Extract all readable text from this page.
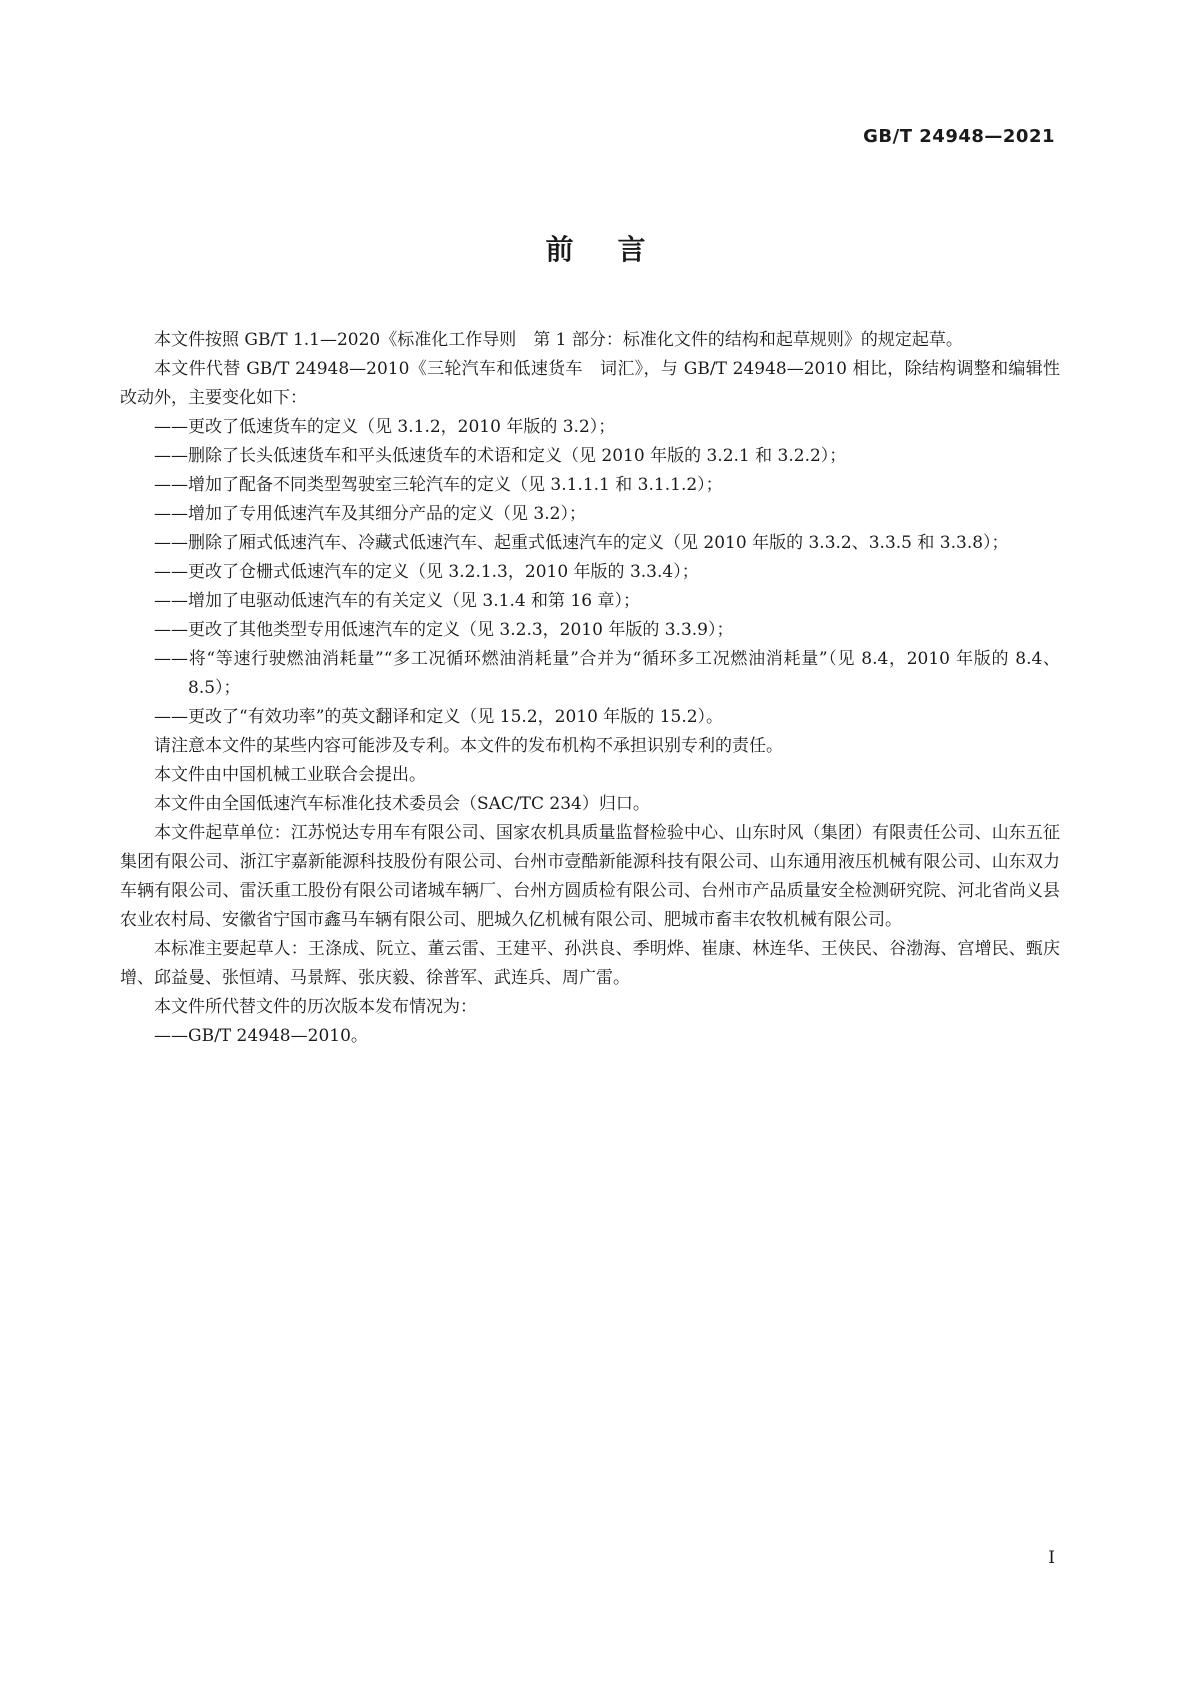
GB/T 24948—2021
前言

本文件按照 GB/T 1.1—2020《标准化工作导则　第 1 部分：标准化文件的结构和起草规则》的规定起草。

本文件代替 GB/T 24948—2010《三轮汽车和低速货车　词汇》，与 GB/T 24948—2010 相比，除结构调整和编辑性改动外，主要变化如下：

——更改了低速货车的定义（见 3.1.2，2010 年版的 3.2）；

——删除了长头低速货车和平头低速货车的术语和定义（见 2010 年版的 3.2.1 和 3.2.2）；

——增加了配备不同类型驾驶室三轮汽车的定义（见 3.1.1.1 和 3.1.1.2）；

——增加了专用低速汽车及其细分产品的定义（见 3.2）；

——删除了厢式低速汽车、冷藏式低速汽车、起重式低速汽车的定义（见 2010 年版的 3.3.2、3.3.5 和 3.3.8）；

——更改了仓栅式低速汽车的定义（见 3.2.1.3，2010 年版的 3.3.4）；

——增加了电驱动低速汽车的有关定义（见 3.1.4 和第 16 章）；

——更改了其他类型专用低速汽车的定义（见 3.2.3，2010 年版的 3.3.9）；

——将“等速行驶燃油消耗量”“多工况循环燃油消耗量”合并为“循环多工况燃油消耗量”（见 8.4，2010 年版的 8.4、8.5）；

——更改了“有效功率”的英文翻译和定义（见 15.2，2010 年版的 15.2）。

请注意本文件的某些内容可能涉及专利。本文件的发布机构不承担识别专利的责任。

本文件由中国机械工业联合会提出。

本文件由全国低速汽车标准化技术委员会（SAC/TC 234）归口。

本文件起草单位：江苏悦达专用车有限公司、国家农机具质量监督检验中心、山东时风（集团）有限责任公司、山东五征集团有限公司、浙江宇嘉新能源科技股份有限公司、台州市壹酷新能源科技有限公司、山东通用液压机械有限公司、山东双力车辆有限公司、雷沃重工股份有限公司诸城车辆厂、台州方圆质检有限公司、台州市产品质量安全检测研究院、河北省尚义县农业农村局、安徽省宁国市鑫马车辆有限公司、肥城久亿机械有限公司、肥城市畜丰农牧机械有限公司。

本标准主要起草人：王涤成、阮立、董云雷、王建平、孙洪良、季明烨、崔康、林连华、王侠民、谷渤海、宫增民、甄庆增、邱益曼、张恒靖、马景辉、张庆毅、徐普军、武连兵、周广雷。

本文件所代替文件的历次版本发布情况为：

——GB/T 24948—2010。

I
